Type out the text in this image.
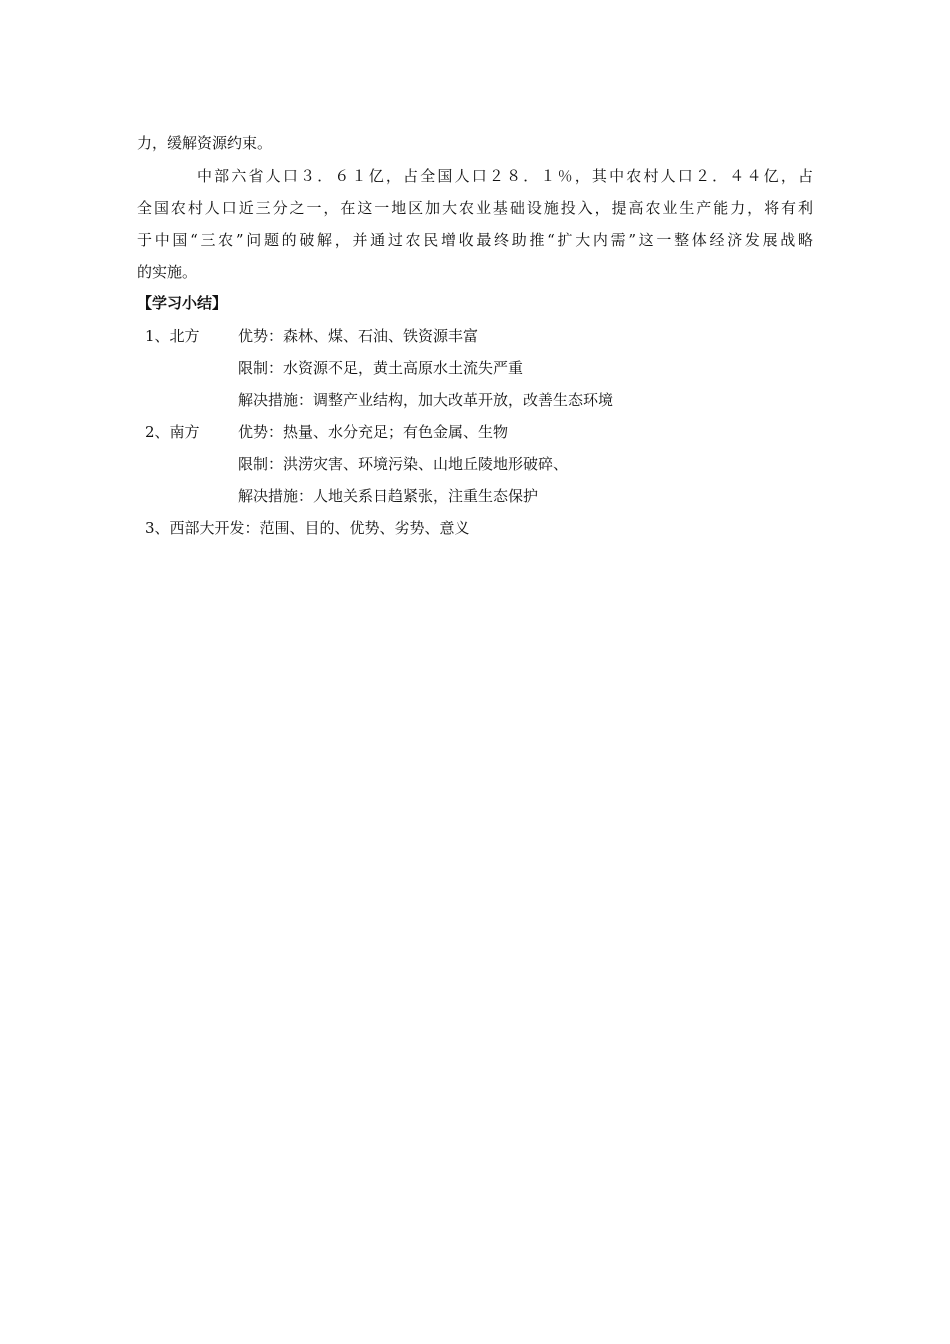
力，缓解资源约束。
中部六省人口３．６１亿，占全国人口２８．１％，其中农村人口２．４４亿，占
全国农村人口近三分之一，在这一地区加大农业基础设施投入，提高农业生产能力，将有利
于中国“三农”问题的破解，并通过农民增收最终助推“扩大内需”这一整体经济发展战略
的实施。
【学习小结】
1、北方	优势：森林、煤、石油、铁资源丰富
限制：水资源不足，黄土高原水土流失严重
解决措施：调整产业结构，加大改革开放，改善生态环境
2、南方	优势：热量、水分充足；有色金属、生物
限制：洪涝灾害、环境污染、山地丘陵地形破碎、
解决措施：人地关系日趋紧张，注重生态保护
3、西部大开发：范围、目的、优势、劣势、意义
